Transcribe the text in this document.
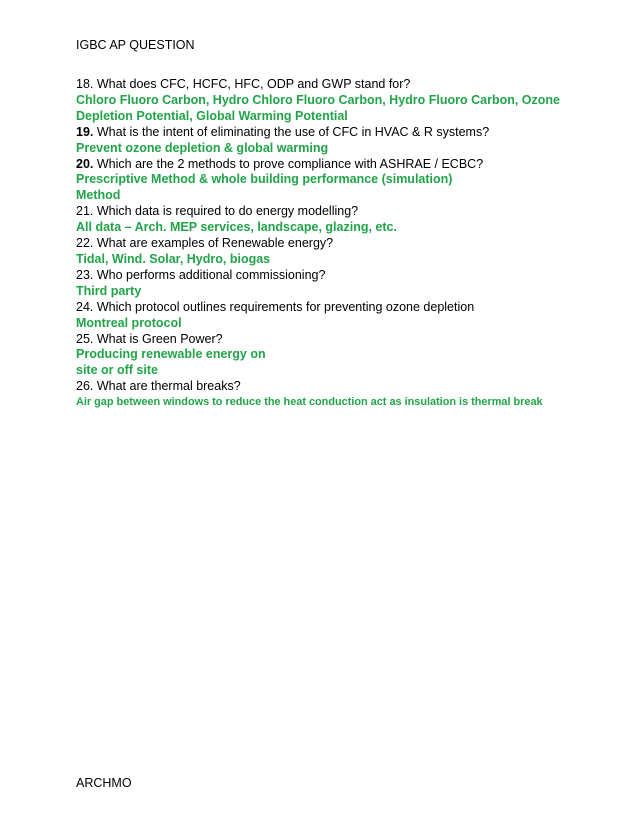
IGBC AP QUESTION
18. What does CFC, HCFC, HFC, ODP and GWP stand for?
Chloro Fluoro Carbon, Hydro Chloro Fluoro Carbon, Hydro Fluoro Carbon, Ozone
Depletion Potential, Global Warming Potential
19. What is the intent of eliminating the use of CFC in HVAC & R systems?
Prevent ozone depletion & global warming
20. Which are the 2 methods to prove compliance with ASHRAE / ECBC?
Prescriptive Method & whole building performance (simulation)
Method
21. Which data is required to do energy modelling?
All data – Arch. MEP services, landscape, glazing, etc.
22. What are examples of Renewable energy?
Tidal, Wind. Solar, Hydro, biogas
23. Who performs additional commissioning?
Third party
24. Which protocol outlines requirements for preventing ozone depletion
Montreal protocol
25. What is Green Power?
Producing renewable energy on
site or off site
26. What are thermal breaks?
Air gap between windows to reduce the heat conduction act as insulation is thermal break
ARCHMO
